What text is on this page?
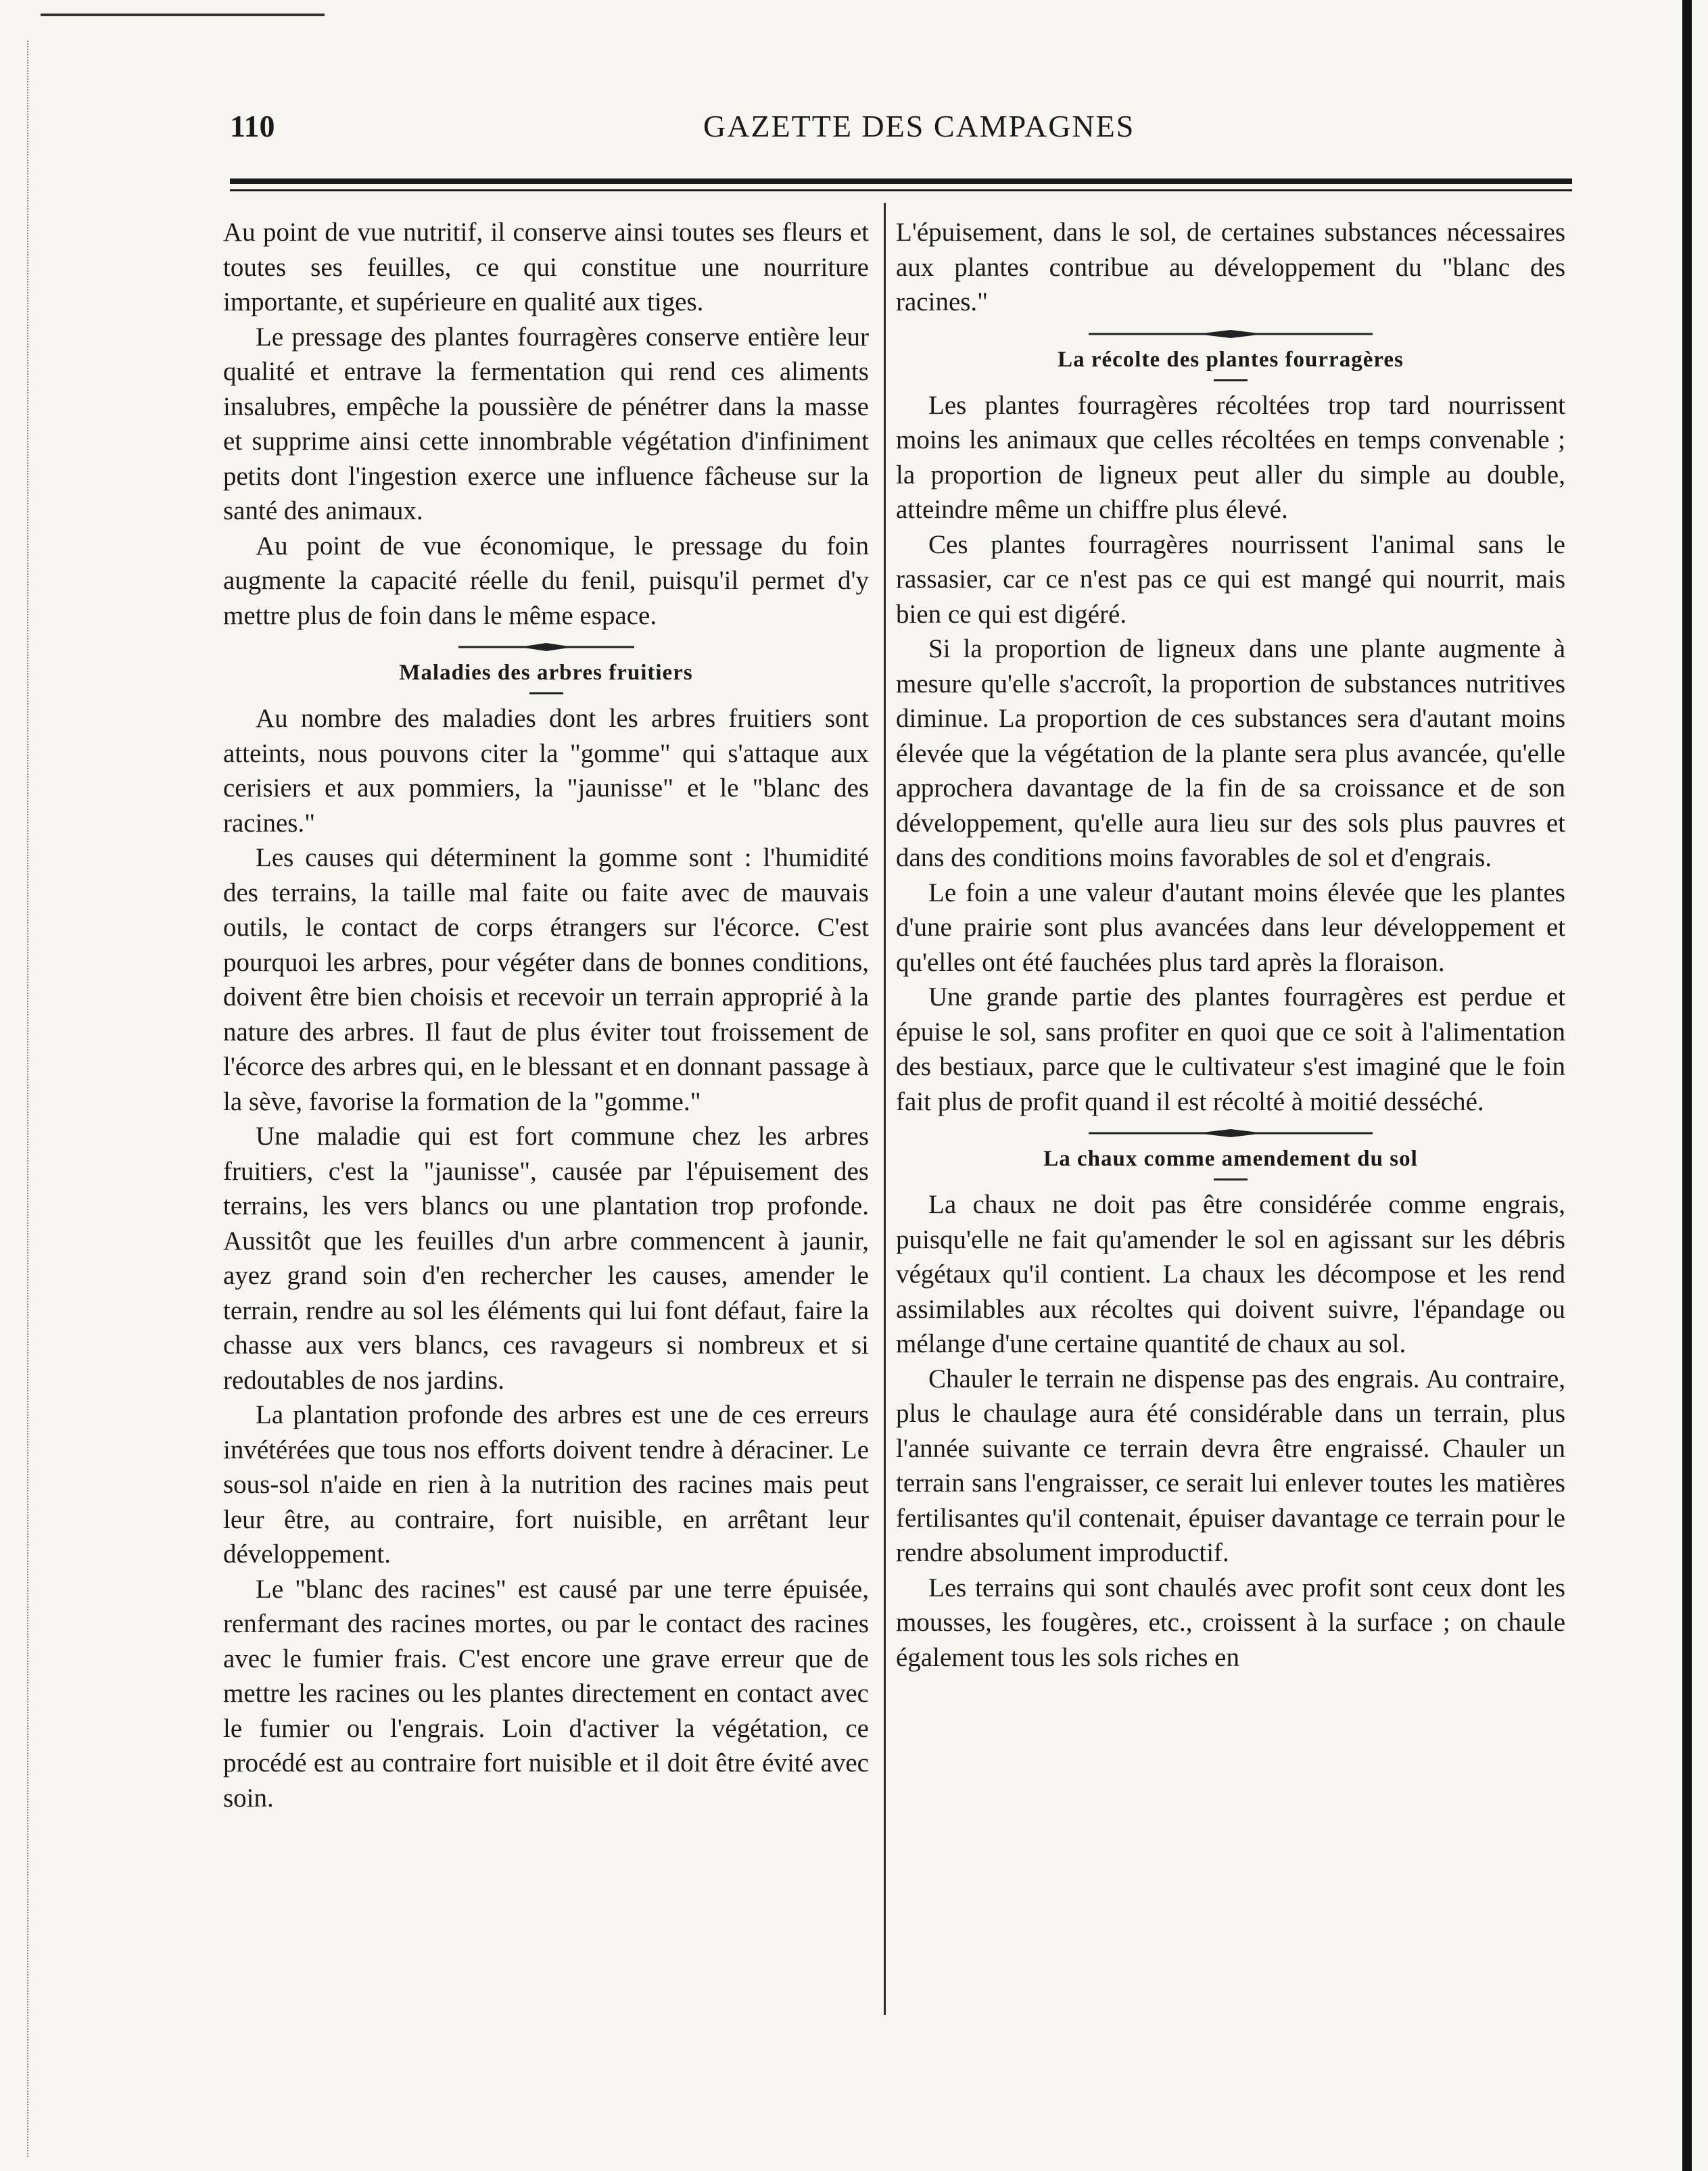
110	GAZETTE DES CAMPAGNES

Au point de vue nutritif, il conserve ainsi toutes ses fleurs et toutes ses feuilles, ce qui constitue une nourriture importante, et supérieure en qualité aux tiges.

Le pressage des plantes fourragères conserve entière leur qualité et entrave la fermentation qui rend ces aliments insalubres, empêche la poussière de pénétrer dans la masse et supprime ainsi cette innombrable végétation d'infiniment petits dont l'ingestion exerce une influence fâcheuse sur la santé des animaux.

Au point de vue économique, le pressage du foin augmente la capacité réelle du fenil, puisqu'il permet d'y mettre plus de foin dans le même espace.

Maladies des arbres fruitiers

Au nombre des maladies dont les arbres fruitiers sont atteints, nous pouvons citer la "gomme" qui s'attaque aux cerisiers et aux pommiers, la "jaunisse" et le "blanc des racines."

Les causes qui déterminent la gomme sont : l'humidité des terrains, la taille mal faite ou faite avec de mauvais outils, le contact de corps étrangers sur l'écorce. C'est pourquoi les arbres, pour végéter dans de bonnes conditions, doivent être bien choisis et recevoir un terrain approprié à la nature des arbres. Il faut de plus éviter tout froissement de l'écorce des arbres qui, en le blessant et en donnant passage à la sève, favorise la formation de la "gomme."

Une maladie qui est fort commune chez les arbres fruitiers, c'est la "jaunisse", causée par l'épuisement des terrains, les vers blancs ou une plantation trop profonde. Aussitôt que les feuilles d'un arbre commencent à jaunir, ayez grand soin d'en rechercher les causes, amender le terrain, rendre au sol les éléments qui lui font défaut, faire la chasse aux vers blancs, ces ravageurs si nombreux et si redoutables de nos jardins.

La plantation profonde des arbres est une de ces erreurs invétérées que tous nos efforts doivent tendre à déraciner. Le sous-sol n'aide en rien à la nutrition des racines mais peut leur être, au contraire, fort nuisible, en arrêtant leur développement.

Le "blanc des racines" est causé par une terre épuisée, renfermant des racines mortes, ou par le contact des racines avec le fumier frais. C'est encore une grave erreur que de mettre les racines ou les plantes directement en contact avec le fumier ou l'engrais. Loin d'activer la végétation, ce procédé est au contraire fort nuisible et il doit être évité avec soin.

L'épuisement, dans le sol, de certaines substances nécessaires aux plantes contribue au développement du "blanc des racines."

La récolte des plantes fourragères

Les plantes fourragères récoltées trop tard nourrissent moins les animaux que celles récoltées en temps convenable ; la proportion de ligneux peut aller du simple au double, atteindre même un chiffre plus élevé.

Ces plantes fourragères nourrissent l'animal sans le rassasier, car ce n'est pas ce qui est mangé qui nourrit, mais bien ce qui est digéré.

Si la proportion de ligneux dans une plante augmente à mesure qu'elle s'accroît, la proportion de substances nutritives diminue. La proportion de ces substances sera d'autant moins élevée que la végétation de la plante sera plus avancée, qu'elle approchera davantage de la fin de sa croissance et de son développement, qu'elle aura lieu sur des sols plus pauvres et dans des conditions moins favorables de sol et d'engrais.

Le foin a une valeur d'autant moins élevée que les plantes d'une prairie sont plus avancées dans leur développement et qu'elles ont été fauchées plus tard après la floraison.

Une grande partie des plantes fourragères est perdue et épuise le sol, sans profiter en quoi que ce soit à l'alimentation des bestiaux, parce que le cultivateur s'est imaginé que le foin fait plus de profit quand il est récolté à moitié desséché.

La chaux comme amendement du sol

La chaux ne doit pas être considérée comme engrais, puisqu'elle ne fait qu'amender le sol en agissant sur les débris végétaux qu'il contient. La chaux les décompose et les rend assimilables aux récoltes qui doivent suivre, l'épandage ou mélange d'une certaine quantité de chaux au sol.

Chauler le terrain ne dispense pas des engrais. Au contraire, plus le chaulage aura été considérable dans un terrain, plus l'année suivante ce terrain devra être engraissé. Chauler un terrain sans l'engraisser, ce serait lui enlever toutes les matières fertilisantes qu'il contenait, épuiser davantage ce terrain pour le rendre absolument improductif.

Les terrains qui sont chaulés avec profit sont ceux dont les mousses, les fougères, etc., croissent à la surface ; on chaule également tous les sols riches en
